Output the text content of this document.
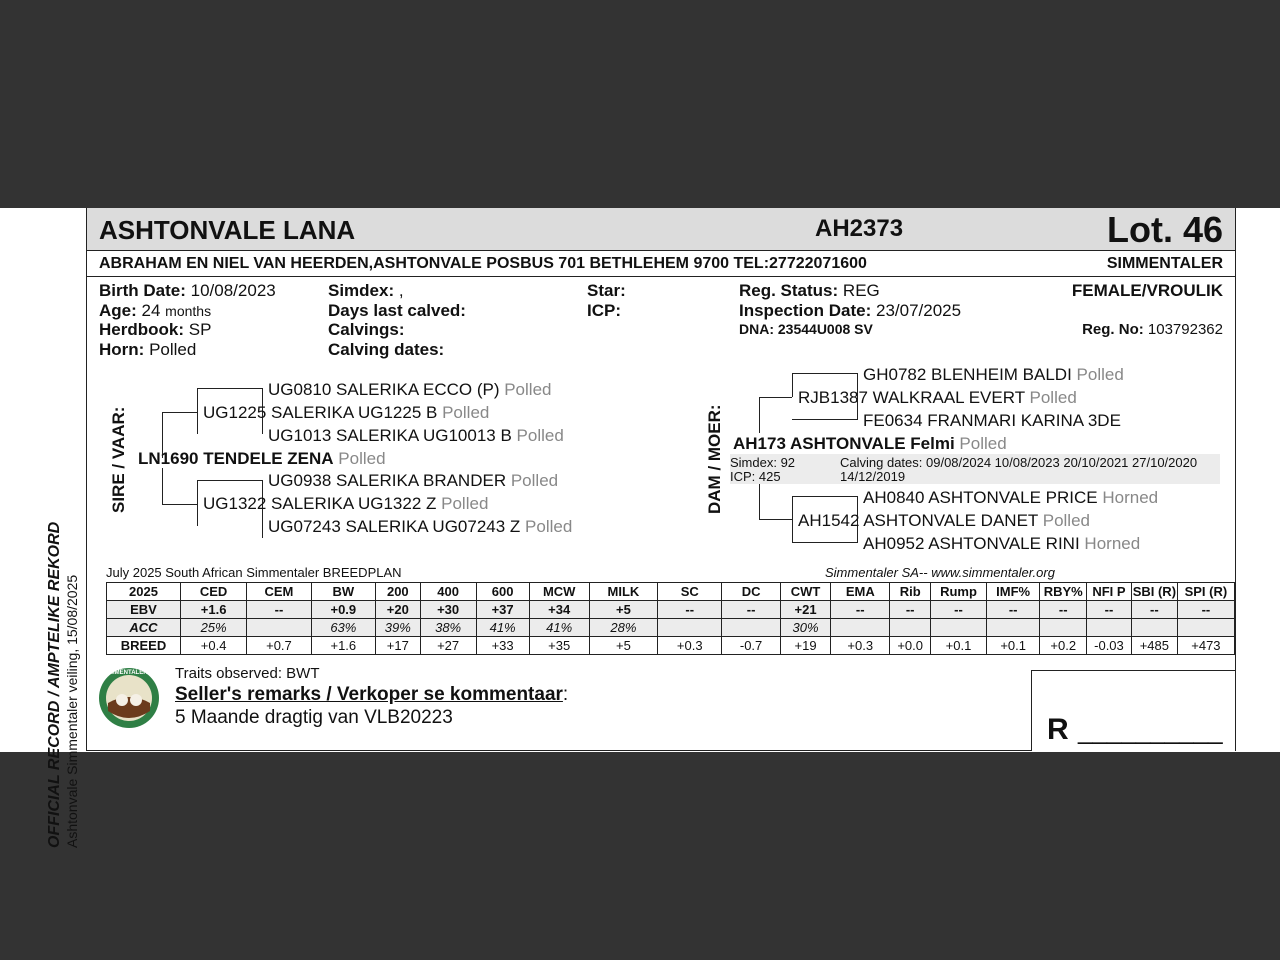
OFFICIAL RECORD / AMPTELIKE REKORD Ashtonvale Simmentaler veiling, 15/08/2025
ASHTONVALE LANA	AH2373	Lot. 46
ABRAHAM EN NIEL VAN HEERDEN,ASHTONVALE POSBUS 701 BETHLEHEM 9700 TEL:27722071600	SIMMENTALER
Birth Date: 10/08/2023
Age: 24 months
Herdbook: SP
Horn: Polled
Simdex: ,
Days last calved:
Calvings:
Calving dates:
Star:
ICP:
Reg. Status: REG
Inspection Date: 23/07/2025
DNA: 23544U008 SV
FEMALE/VROULIK
Reg. No: 103792362
SIRE / VAAR:
UG0810 SALERIKA ECCO (P) Polled
UG1225 SALERIKA UG1225 B Polled
UG1013 SALERIKA UG10013 B Polled
LN1690 TENDELE ZENA Polled
UG0938 SALERIKA BRANDER Polled
UG1322 SALERIKA UG1322 Z Polled
UG07243 SALERIKA UG07243 Z Polled
DAM / MOER:
GH0782 BLENHEIM BALDI Polled
RJB1387 WALKRAAL EVERT Polled
FE0634 FRANMARI KARINA 3DE
AH173 ASHTONVALE Felmi Polled
Simdex: 92
ICP: 425
Calving dates: 09/08/2024 10/08/2023 20/10/2021 27/10/2020
14/12/2019
AH0840 ASHTONVALE PRICE Horned
AH1542 ASHTONVALE DANET Polled
AH0952 ASHTONVALE RINI Horned
July 2025 South African Simmentaler BREEDPLAN	Simmentaler SA-- www.simmentaler.org
2025	CED	CEM	BW	200	400	600	MCW	MILK	SC	DC	CWT	EMA	Rib	Rump	IMF%	RBY%	NFI P	SBI (R)	SPI (R)
EBV	+1.6	--	+0.9	+20	+30	+37	+34	+5	--	--	+21	--	--	--	--	--	--	--	--
ACC	25%		63%	39%	38%	41%	41%	28%			30%								
BREED	+0.4	+0.7	+1.6	+17	+27	+33	+35	+5	+0.3	-0.7	+19	+0.3	+0.0	+0.1	+0.1	+0.2	-0.03	+485	+473
SIMMENTALER Traits observed: BWT
Seller's remarks / Verkoper se kommentaar:
5 Maande dragtig van VLB20223	R __________
